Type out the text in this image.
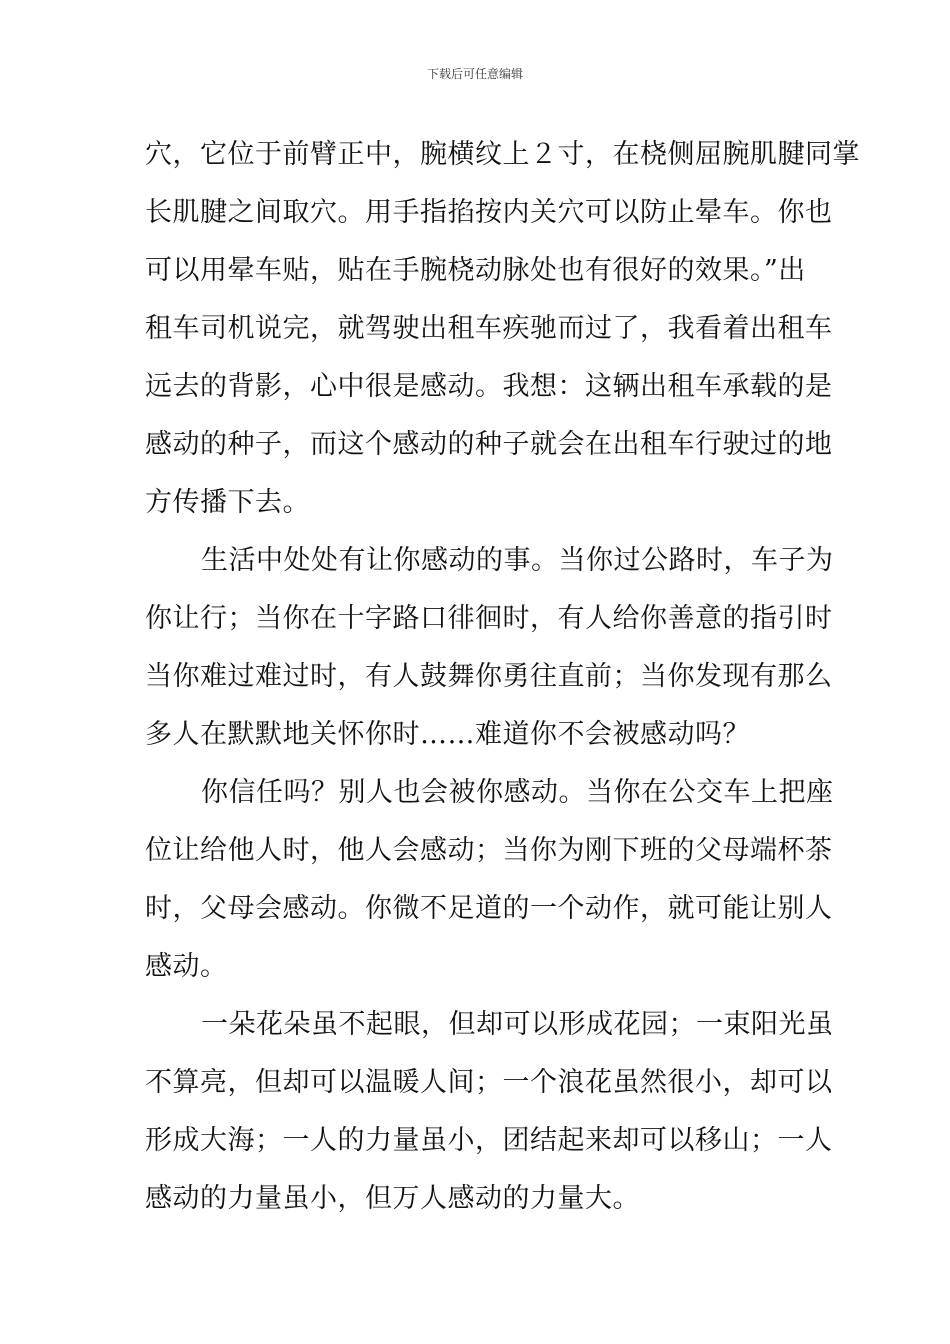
下载后可任意编辑
穴，它位于前臂正中，腕横纹上２寸，在桡侧屈腕肌腱同掌
长肌腱之间取穴。用手指掐按内关穴可以防止晕车。你也
可以用晕车贴，贴在手腕桡动脉处也有很好的效果。”出
租车司机说完，就驾驶出租车疾驰而过了，我看着出租车
远去的背影，心中很是感动。我想：这辆出租车承载的是
感动的种子，而这个感动的种子就会在出租车行驶过的地
方传播下去。
生活中处处有让你感动的事。当你过公路时，车子为
你让行；当你在十字路口徘徊时，有人给你善意的指引时
当你难过难过时，有人鼓舞你勇往直前；当你发现有那么
多人在默默地关怀你时……难道你不会被感动吗？
你信任吗？别人也会被你感动。当你在公交车上把座
位让给他人时，他人会感动；当你为刚下班的父母端杯茶
时，父母会感动。你微不足道的一个动作，就可能让别人
感动。
一朵花朵虽不起眼，但却可以形成花园；一束阳光虽
不算亮，但却可以温暖人间；一个浪花虽然很小，却可以
形成大海；一人的力量虽小，团结起来却可以移山；一人
感动的力量虽小，但万人感动的力量大。
